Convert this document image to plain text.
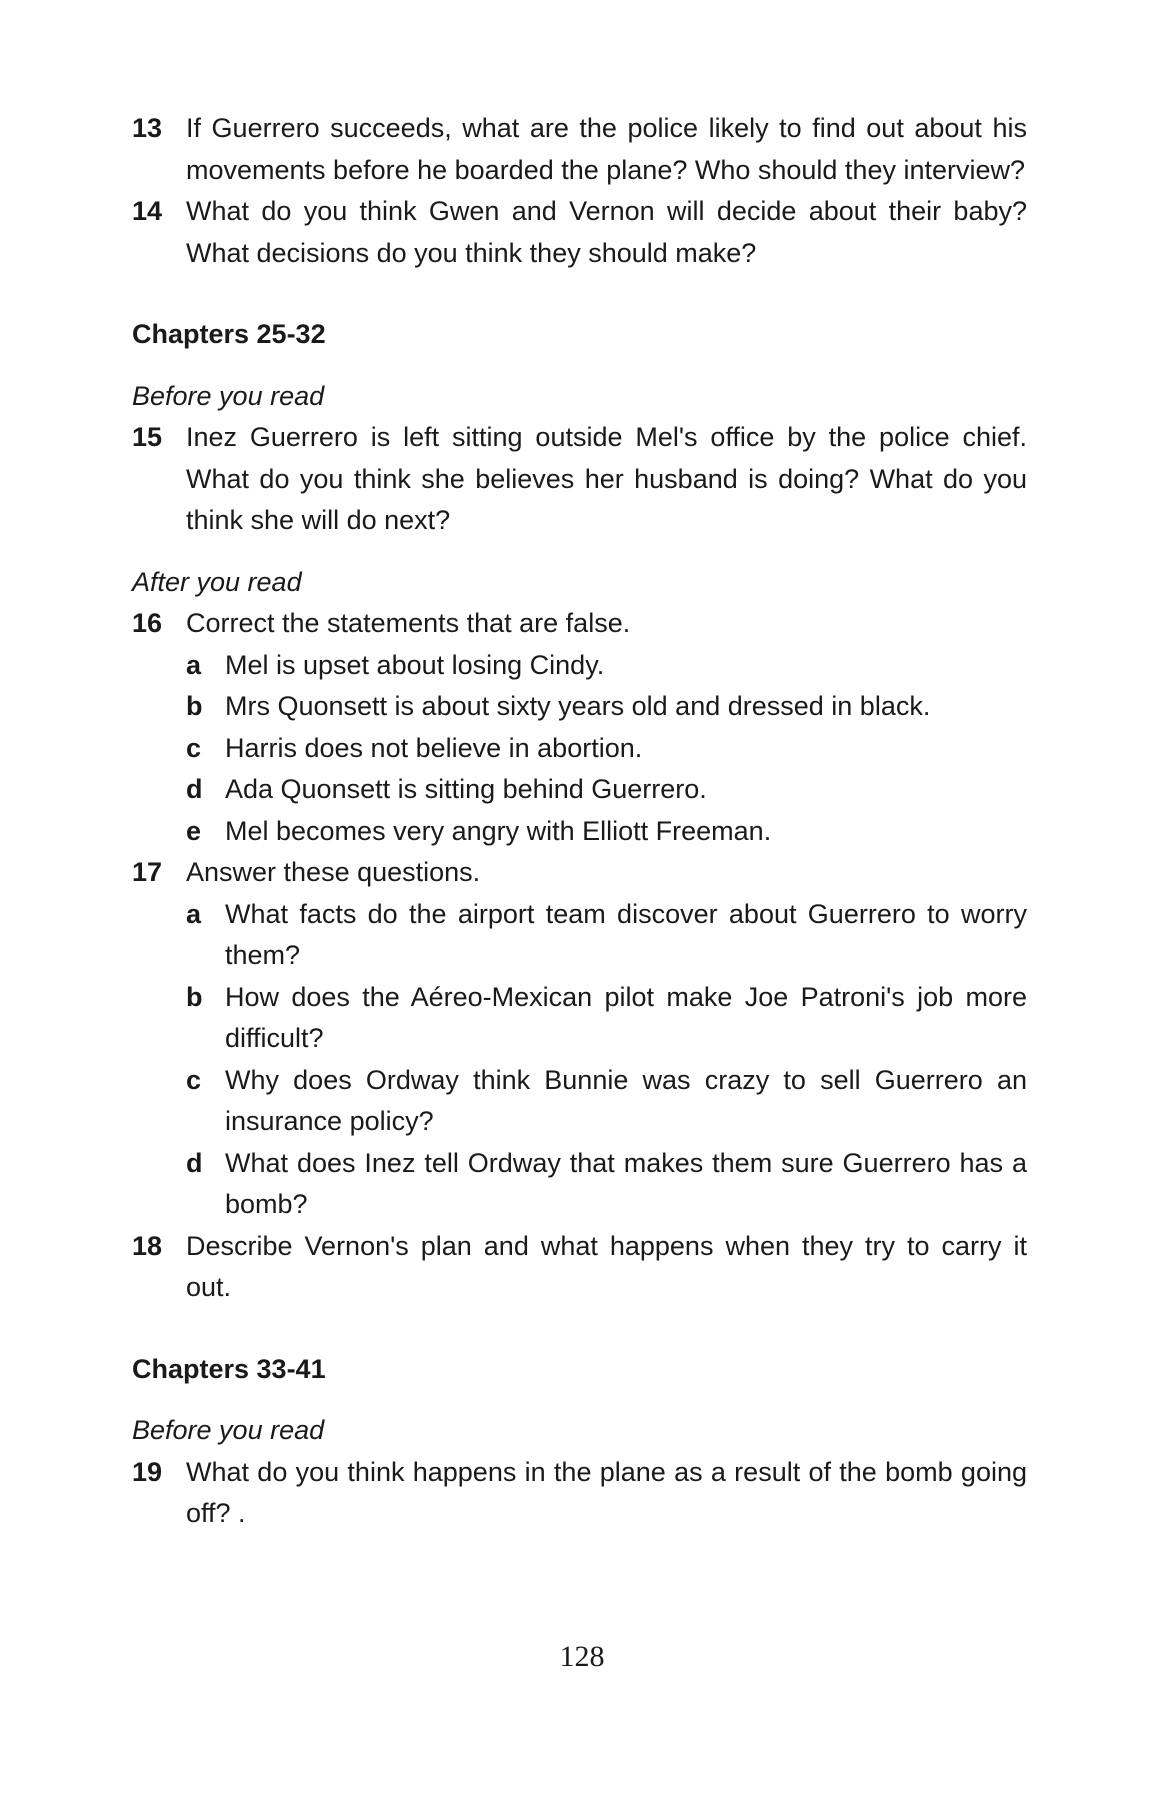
13 If Guerrero succeeds, what are the police likely to find out about his movements before he boarded the plane? Who should they interview?
14 What do you think Gwen and Vernon will decide about their baby? What decisions do you think they should make?
Chapters 25-32
Before you read
15 Inez Guerrero is left sitting outside Mel's office by the police chief. What do you think she believes her husband is doing? What do you think she will do next?
After you read
16 Correct the statements that are false.
a Mel is upset about losing Cindy.
b Mrs Quonsett is about sixty years old and dressed in black.
c Harris does not believe in abortion.
d Ada Quonsett is sitting behind Guerrero.
e Mel becomes very angry with Elliott Freeman.
17 Answer these questions.
a What facts do the airport team discover about Guerrero to worry them?
b How does the Aéreo-Mexican pilot make Joe Patroni's job more difficult?
c Why does Ordway think Bunnie was crazy to sell Guerrero an insurance policy?
d What does Inez tell Ordway that makes them sure Guerrero has a bomb?
18 Describe Vernon's plan and what happens when they try to carry it out.
Chapters 33-41
Before you read
19 What do you think happens in the plane as a result of the bomb going off? .
128
